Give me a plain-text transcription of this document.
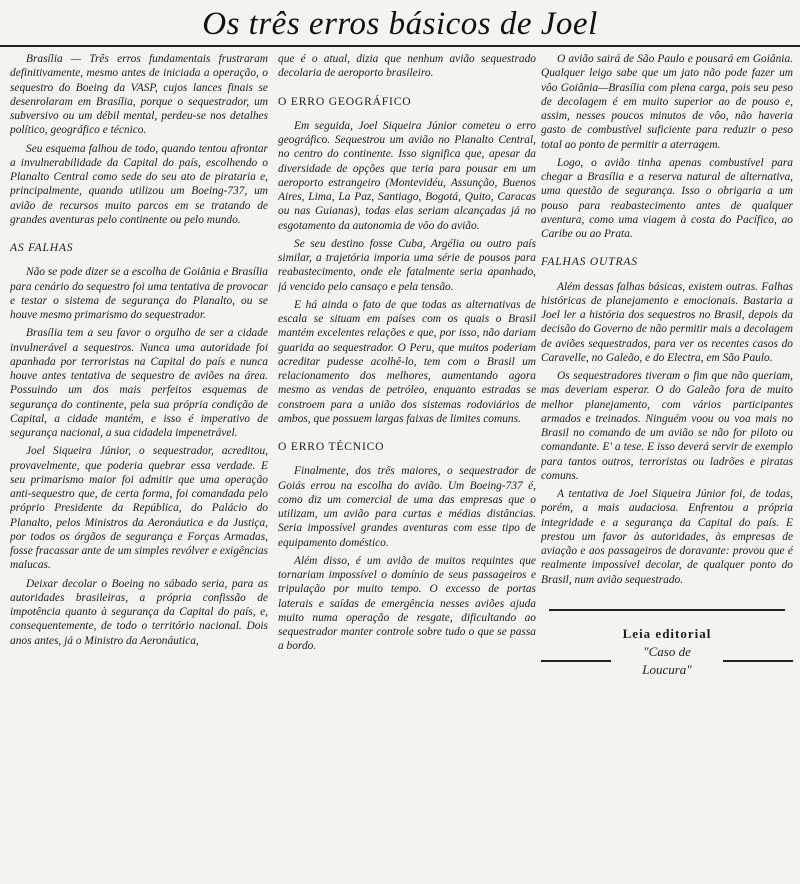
Os três erros básicos de Joel

Brasília — Três erros fundamentais frustraram definitivamente, mesmo antes de iniciada a operação, o sequestro do Boeing da VASP, cujos lances finais se desenrolaram em Brasília, porque o sequestrador, um subversivo ou um débil mental, perdeu-se nos detalhes político, geográfico e técnico.

Seu esquema falhou de todo, quando tentou afrontar a invulnerabilidade da Capital do país, escolhendo o Planalto Central como sede do seu ato de pirataria e, principalmente, quando utilizou um Boeing-737, um avião de recursos muito parcos em se tratando de grandes aventuras pelo continente ou pelo mundo.

AS FALHAS

Não se pode dizer se a escolha de Goiânia e Brasília para cenário do sequestro foi uma tentativa de provocar e testar o sistema de segurança do Planalto, ou se houve mesmo primarismo do sequestrador.

Brasília tem a seu favor o orgulho de ser a cidade invulnerável a sequestros. Nunca uma autoridade foi apanhada por terroristas na Capital do país e nunca houve antes tentativa de sequestro de aviões na área. Possuindo um dos mais perfeitos esquemas de segurança do continente, pela sua própria condição de Capital, a cidade mantém, e isso é imperativo de segurança nacional, a sua cidadela impenetrável.

Joel Siqueira Júnior, o sequestrador, acreditou, provavelmente, que poderia quebrar essa verdade. E seu primarismo maior foi admitir que uma operação anti-sequestro que, de certa forma, foi comandada pelo próprio Presidente da República, do Palácio do Planalto, pelos Ministros da Aeronáutica e da Justiça, por todos os órgãos de segurança e Forças Armadas, fosse fracassar ante de um simples revólver e exigências malucas.

Deixar decolar o Boeing no sábado seria, para as autoridades brasileiras, a própria confissão de impotência quanto à segurança da Capital do país, e, consequentemente, de todo o território nacional. Dois anos antes, já o Ministro da Aeronáutica,

que é o atual, dizia que nenhum avião sequestrado decolaria de aeroporto brasileiro.

O ERRO GEOGRÁFICO

Em seguida, Joel Siqueira Júnior cometeu o erro geográfico. Sequestrou um avião no Planalto Central, no centro do continente. Isso significa que, apesar da diversidade de opções que teria para pousar em um aeroporto estrangeiro (Montevidéu, Assunção, Buenos Aires, Lima, La Paz, Santiago, Bogotá, Quito, Caracas ou nas Guianas), todas elas seriam alcançadas já no esgotamento da autonomia de vôo do avião.

Se seu destino fosse Cuba, Argélia ou outro país similar, a trajetória imporia uma série de pousos para reabastecimento, onde ele fatalmente seria apanhado, já vencido pelo cansaço e pela tensão.

E há ainda o fato de que todas as alternativas de escala se situam em países com os quais o Brasil mantém excelentes relações e que, por isso, não dariam guarida ao sequestrador. O Peru, que muitos poderiam acreditar pudesse acolhê-lo, tem com o Brasil um relacionamento dos melhores, aumentando agora mesmo as vendas de petróleo, enquanto estradas se constroem para a união dos sistemas rodoviários de ambos, que possuem largas faixas de limites comuns.

O ERRO TÉCNICO

Finalmente, dos três maiores, o sequestrador de Goiás errou na escolha do avião. Um Boeing-737 é, como diz um comercial de uma das empresas que o utilizam, um avião para curtas e médias distâncias. Seria impossível grandes aventuras com esse tipo de equipamento doméstico.

Além disso, é um avião de muitos requintes que tornariam impossível o domínio de seus passageiros e tripulação por muito tempo. O excesso de portas laterais e saídas de emergência nesses aviões ajuda muito numa operação de resgate, dificultando ao sequestrador manter controle sobre tudo o que se passa a bordo.

O avião sairá de São Paulo e pousará em Goiânia. Qualquer leigo sabe que um jato não pode fazer um vôo Goiânia—Brasília com plena carga, pois seu peso de decolagem é em muito superior ao de pouso e, assim, nesses poucos minutos de vôo, não haveria gasto de combustível suficiente para reduzir o peso total ao ponto de permitir a aterragem.

Logo, o avião tinha apenas combustível para chegar a Brasília e a reserva natural de alternativa, uma questão de segurança. Isso o obrigaria a um pouso para reabastecimento antes de qualquer aventura, como uma viagem à costa do Pacífico, ao Caribe ou ao Prata.

FALHAS OUTRAS

Além dessas falhas básicas, existem outras. Falhas históricas de planejamento e emocionais. Bastaria a Joel ler a história dos sequestros no Brasil, depois da decisão do Governo de não permitir mais a decolagem de aviões sequestrados, para ver os recentes casos do Caravelle, no Galeão, e do Electra, em São Paulo.

Os sequestradores tiveram o fim que não queriam, mas deveriam esperar. O do Galeão fora de muito melhor planejamento, com vários participantes armados e treinados. Ninguém voou ou voa mais no Brasil no comando de um avião se não for piloto ou comandante. E' a tese. E isso deverá servir de exemplo para tantos outros, terroristas ou ladrões e piratas comuns.

A tentativa de Joel Siqueira Júnior foi, de todas, porém, a mais audaciosa. Enfrentou a própria integridade e a segurança da Capital do país. E prestou um favor às autoridades, às empresas de aviação e aos passageiros de doravante: provou que é realmente impossível decolar, de qualquer ponto do Brasil, num avião sequestrado.

Leia editorial
"Caso de Loucura"
